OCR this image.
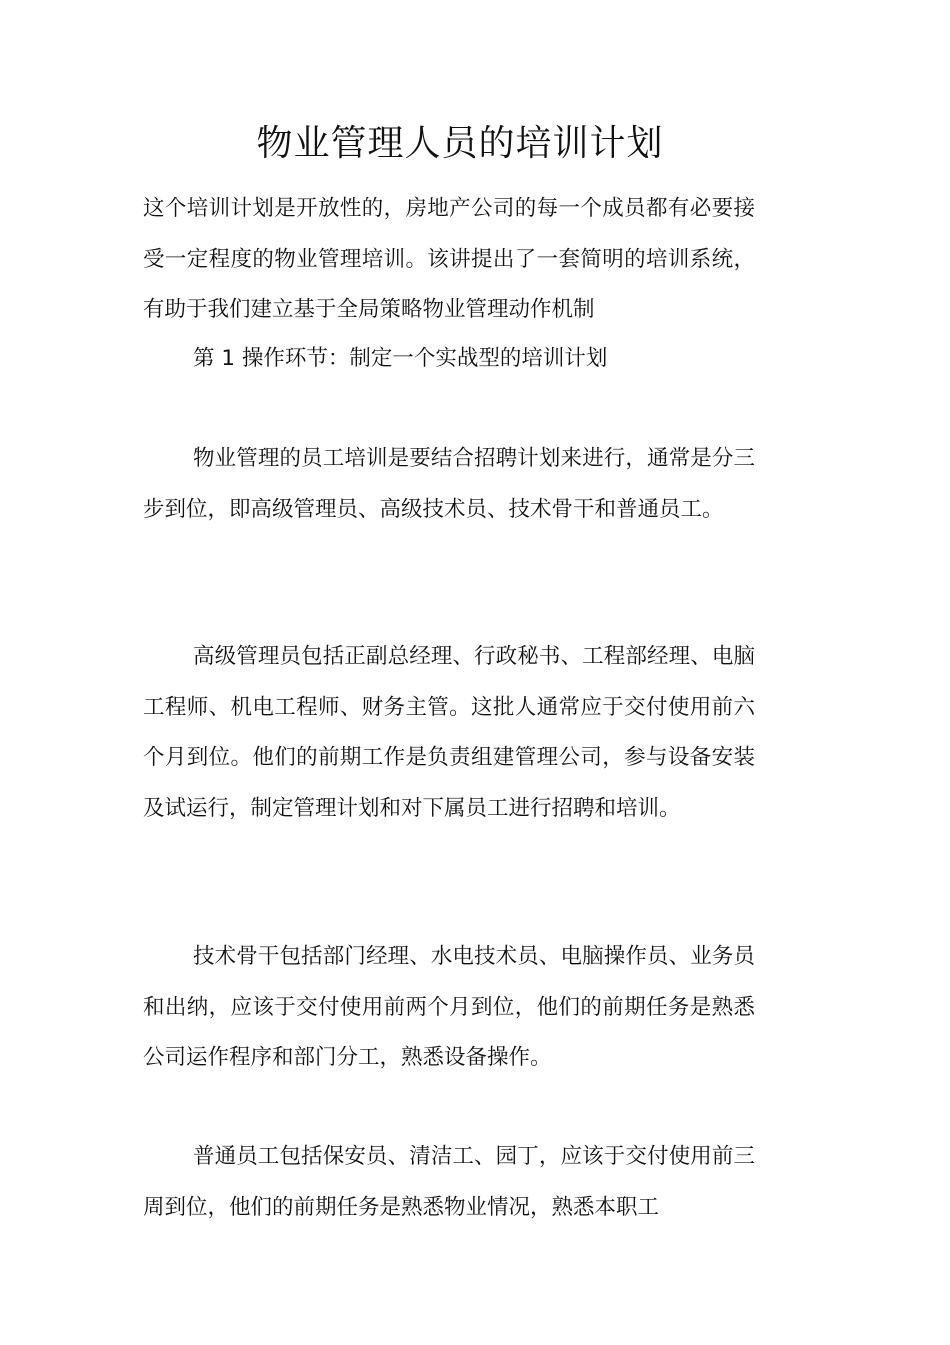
物业管理人员的培训计划

这个培训计划是开放性的，房地产公司的每一个成员都有必要接受一定程度的物业管理培训。该讲提出了一套简明的培训系统，有助于我们建立基于全局策略物业管理动作机制

第 1 操作环节：制定一个实战型的培训计划

物业管理的员工培训是要结合招聘计划来进行，通常是分三步到位，即高级管理员、高级技术员、技术骨干和普通员工。

高级管理员包括正副总经理、行政秘书、工程部经理、电脑工程师、机电工程师、财务主管。这批人通常应于交付使用前六个月到位。他们的前期工作是负责组建管理公司，参与设备安装及试运行，制定管理计划和对下属员工进行招聘和培训。

技术骨干包括部门经理、水电技术员、电脑操作员、业务员和出纳，应该于交付使用前两个月到位，他们的前期任务是熟悉公司运作程序和部门分工，熟悉设备操作。

普通员工包括保安员、清洁工、园丁，应该于交付使用前三周到位，他们的前期任务是熟悉物业情况，熟悉本职工
